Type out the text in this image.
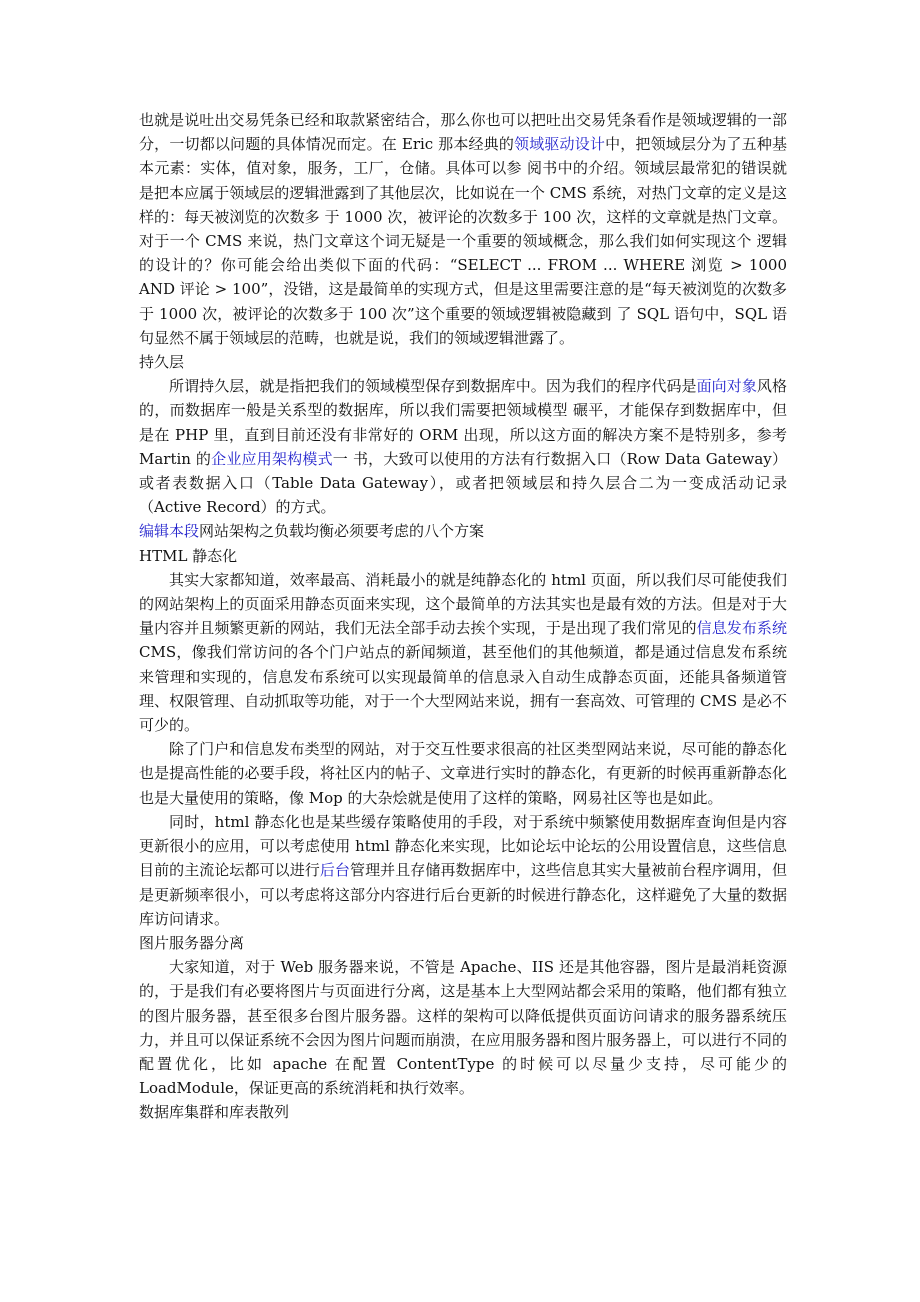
也就是说吐出交易凭条已经和取款紧密结合，那么你也可以把吐出交易凭条看作是领域逻辑的一部分，一切都以问题的具体情况而定。在 Eric 那本经典的领域驱动设计中，把领域层分为了五种基本元素：实体，值对象，服务，工厂，仓储。具体可以参 阅书中的介绍。领域层最常犯的错误就是把本应属于领域层的逻辑泄露到了其他层次，比如说在一个 CMS 系统，对热门文章的定义是这样的：每天被浏览的次数多 于 1000 次，被评论的次数多于 100 次，这样的文章就是热门文章。对于一个 CMS 来说，热门文章这个词无疑是一个重要的领域概念，那么我们如何实现这个 逻辑的设计的？你可能会给出类似下面的代码：“SELECT ... FROM ... WHERE 浏览 > 1000 AND 评论 > 100”，没错，这是最简单的实现方式，但是这里需要注意的是“每天被浏览的次数多于 1000 次，被评论的次数多于 100 次”这个重要的领域逻辑被隐藏到 了 SQL 语句中，SQL 语句显然不属于领域层的范畴，也就是说，我们的领域逻辑泄露了。

持久层

所谓持久层，就是指把我们的领域模型保存到数据库中。因为我们的程序代码是面向对象风格的，而数据库一般是关系型的数据库，所以我们需要把领域模型 碾平，才能保存到数据库中，但是在 PHP 里，直到目前还没有非常好的 ORM 出现，所以这方面的解决方案不是特别多，参考 Martin 的企业应用架构模式一 书，大致可以使用的方法有行数据入口（Row Data Gateway）或者表数据入口（Table Data Gateway），或者把领域层和持久层合二为一变成活动记录（Active Record）的方式。

编辑本段网站架构之负载均衡必须要考虑的八个方案

HTML 静态化

其实大家都知道，效率最高、消耗最小的就是纯静态化的 html 页面，所以我们尽可能使我们的网站架构上的页面采用静态页面来实现，这个最简单的方法其实也是最有效的方法。但是对于大量内容并且频繁更新的网站，我们无法全部手动去挨个实现，于是出现了我们常见的信息发布系统 CMS，像我们常访问的各个门户站点的新闻频道，甚至他们的其他频道，都是通过信息发布系统来管理和实现的，信息发布系统可以实现最简单的信息录入自动生成静态页面，还能具备频道管理、权限管理、自动抓取等功能，对于一个大型网站来说，拥有一套高效、可管理的 CMS 是必不可少的。

除了门户和信息发布类型的网站，对于交互性要求很高的社区类型网站来说，尽可能的静态化也是提高性能的必要手段，将社区内的帖子、文章进行实时的静态化，有更新的时候再重新静态化也是大量使用的策略，像 Mop 的大杂烩就是使用了这样的策略，网易社区等也是如此。

同时，html 静态化也是某些缓存策略使用的手段，对于系统中频繁使用数据库查询但是内容更新很小的应用，可以考虑使用 html 静态化来实现，比如论坛中论坛的公用设置信息，这些信息目前的主流论坛都可以进行后台管理并且存储再数据库中，这些信息其实大量被前台程序调用，但是更新频率很小，可以考虑将这部分内容进行后台更新的时候进行静态化，这样避免了大量的数据库访问请求。

图片服务器分离

大家知道，对于 Web 服务器来说，不管是 Apache、IIS 还是其他容器，图片是最消耗资源的，于是我们有必要将图片与页面进行分离，这是基本上大型网站都会采用的策略，他们都有独立的图片服务器，甚至很多台图片服务器。这样的架构可以降低提供页面访问请求的服务器系统压力，并且可以保证系统不会因为图片问题而崩溃，在应用服务器和图片服务器上，可以进行不同的配置优化，比如 apache 在配置 ContentType 的时候可以尽量少支持，尽可能少的 LoadModule，保证更高的系统消耗和执行效率。

数据库集群和库表散列
